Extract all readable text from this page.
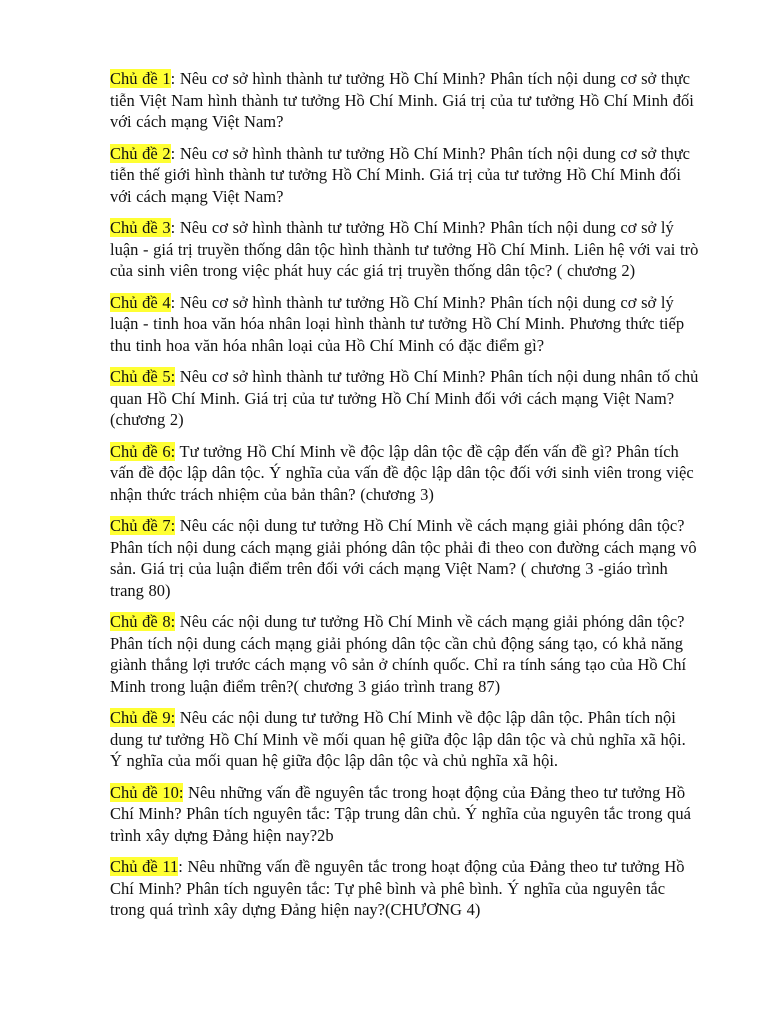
Chủ đề 1: Nêu cơ sở hình thành tư tưởng Hồ Chí Minh? Phân tích nội dung cơ sở thực tiễn Việt Nam hình thành tư tưởng Hồ Chí Minh. Giá trị của tư tưởng Hồ Chí Minh đối với cách mạng Việt Nam?

Chủ đề 2: Nêu cơ sở hình thành tư tưởng Hồ Chí Minh? Phân tích nội dung cơ sở thực tiễn thế giới hình thành tư tưởng Hồ Chí Minh. Giá trị của tư tưởng Hồ Chí Minh đối với cách mạng Việt Nam?

Chủ đề 3: Nêu cơ sở hình thành tư tưởng Hồ Chí Minh? Phân tích nội dung cơ sở lý luận - giá trị truyền thống dân tộc hình thành tư tưởng Hồ Chí Minh. Liên hệ với vai trò của sinh viên trong việc phát huy các giá trị truyền thống dân tộc? ( chương 2)

Chủ đề 4: Nêu cơ sở hình thành tư tưởng Hồ Chí Minh? Phân tích nội dung cơ sở lý luận - tinh hoa văn hóa nhân loại hình thành tư tưởng Hồ Chí Minh. Phương thức tiếp thu tinh hoa văn hóa nhân loại của Hồ Chí Minh có đặc điểm gì?

Chủ đề 5: Nêu cơ sở hình thành tư tưởng Hồ Chí Minh? Phân tích nội dung nhân tố chủ quan Hồ Chí Minh. Giá trị của tư tưởng Hồ Chí Minh đối với cách mạng Việt Nam? (chương 2)

Chủ đề 6: Tư tưởng Hồ Chí Minh về độc lập dân tộc đề cập đến vấn đề gì? Phân tích vấn đề độc lập dân tộc. Ý nghĩa của vấn đề độc lập dân tộc đối với sinh viên trong việc nhận thức trách nhiệm của bản thân? (chương 3)

Chủ đề 7: Nêu các nội dung tư tưởng Hồ Chí Minh về cách mạng giải phóng dân tộc? Phân tích nội dung cách mạng giải phóng dân tộc phải đi theo con đường cách mạng vô sản. Giá trị của luận điểm trên đối với cách mạng Việt Nam? ( chương 3 -giáo trình trang 80)

Chủ đề 8: Nêu các nội dung tư tưởng Hồ Chí Minh về cách mạng giải phóng dân tộc? Phân tích nội dung cách mạng giải phóng dân tộc cần chủ động sáng tạo, có khả năng giành thắng lợi trước cách mạng vô sản ở chính quốc. Chỉ ra tính sáng tạo của Hồ Chí Minh trong luận điểm trên?( chương 3 giáo trình trang 87)

Chủ đề 9: Nêu các nội dung tư tưởng Hồ Chí Minh về độc lập dân tộc. Phân tích nội dung tư tưởng Hồ Chí Minh về mối quan hệ giữa độc lập dân tộc và chủ nghĩa xã hội. Ý nghĩa của mối quan hệ giữa độc lập dân tộc và chủ nghĩa xã hội.

Chủ đề 10: Nêu những vấn đề nguyên tắc trong hoạt động của Đảng theo tư tưởng Hồ Chí Minh? Phân tích nguyên tắc: Tập trung dân chủ. Ý nghĩa của nguyên tắc trong quá trình xây dựng Đảng hiện nay?2b

Chủ đề 11: Nêu những vấn đề nguyên tắc trong hoạt động của Đảng theo tư tưởng Hồ Chí Minh? Phân tích nguyên tắc: Tự phê bình và phê bình. Ý nghĩa của nguyên tắc trong quá trình xây dựng Đảng hiện nay?(CHƯƠNG 4)
